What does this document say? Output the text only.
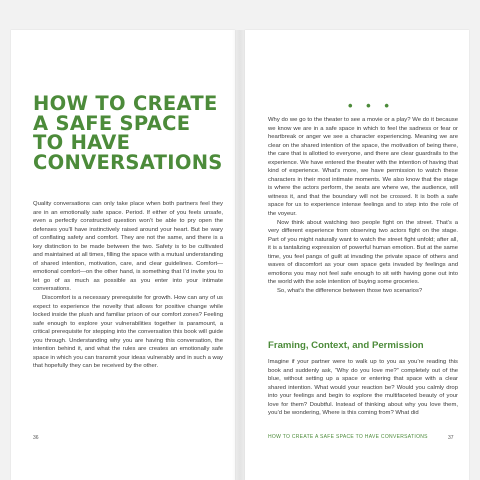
HOW TO CREATE
A SAFE SPACE
TO HAVE
CONVERSATIONS

Quality conversations can only take place when both partners feel they are in an emotionally safe space. Period. If either of you feels unsafe, even a perfectly constructed question won’t be able to pry open the defenses you’ll have instinctively raised around your heart. But be wary of conflating safety and comfort. They are not the same, and there is a key distinction to be made between the two. Safety is to be cultivated and maintained at all times, filling the space with a mutual understanding of shared intention, motivation, care, and clear guidelines. Comfort—emotional comfort—on the other hand, is something that I’d invite you to let go of as much as possible as you enter into your intimate conversations.

Discomfort is a necessary prerequisite for growth. How can any of us expect to experience the novelty that allows for positive change while locked inside the plush and familiar prison of our comfort zones? Feeling safe enough to explore your vulnerabilities together is paramount, a critical prerequisite for stepping into the conversation this book will guide you through. Understanding why you are having this conversation, the intention behind it, and what the rules are creates an emotionally safe space in which you can transmit your ideas vulnerably and in such a way that hopefully they can be received by the other.

36
• • •

Why do we go to the theater to see a movie or a play? We do it because we know we are in a safe space in which to feel the sadness or fear or heartbreak or anger we see a character experiencing. Meaning we are clear on the shared intention of the space, the motivation of being there, the care that is allotted to everyone, and there are clear guardrails to the experience. We have entered the theater with the intention of having that kind of experience. What’s more, we have permission to watch these characters in their most intimate moments. We also know that the stage is where the actors perform, the seats are where we, the audience, will witness it, and that the boundary will not be crossed. It is both a safe space for us to experience intense feelings and to step into the role of the voyeur.

Now think about watching two people fight on the street. That’s a very different experience from observing two actors fight on the stage. Part of you might naturally want to watch the street fight unfold; after all, it is a tantalizing expression of powerful human emotion. But at the same time, you feel pangs of guilt at invading the private space of others and waves of discomfort as your own space gets invaded by feelings and emotions you may not feel safe enough to sit with having gone out into the world with the sole intention of buying some groceries.

So, what’s the difference between those two scenarios?

Framing, Context, and Permission

Imagine if your partner were to walk up to you as you’re reading this book and suddenly ask, “Why do you love me?” completely out of the blue, without setting up a space or entering that space with a clear shared intention. What would your reaction be? Would you calmly drop into your feelings and begin to explore the multifaceted beauty of your love for them? Doubtful. Instead of thinking about why you love them, you’d be wondering, Where is this coming from? What did

HOW TO CREATE A SAFE SPACE TO HAVE CONVERSATIONS	37
